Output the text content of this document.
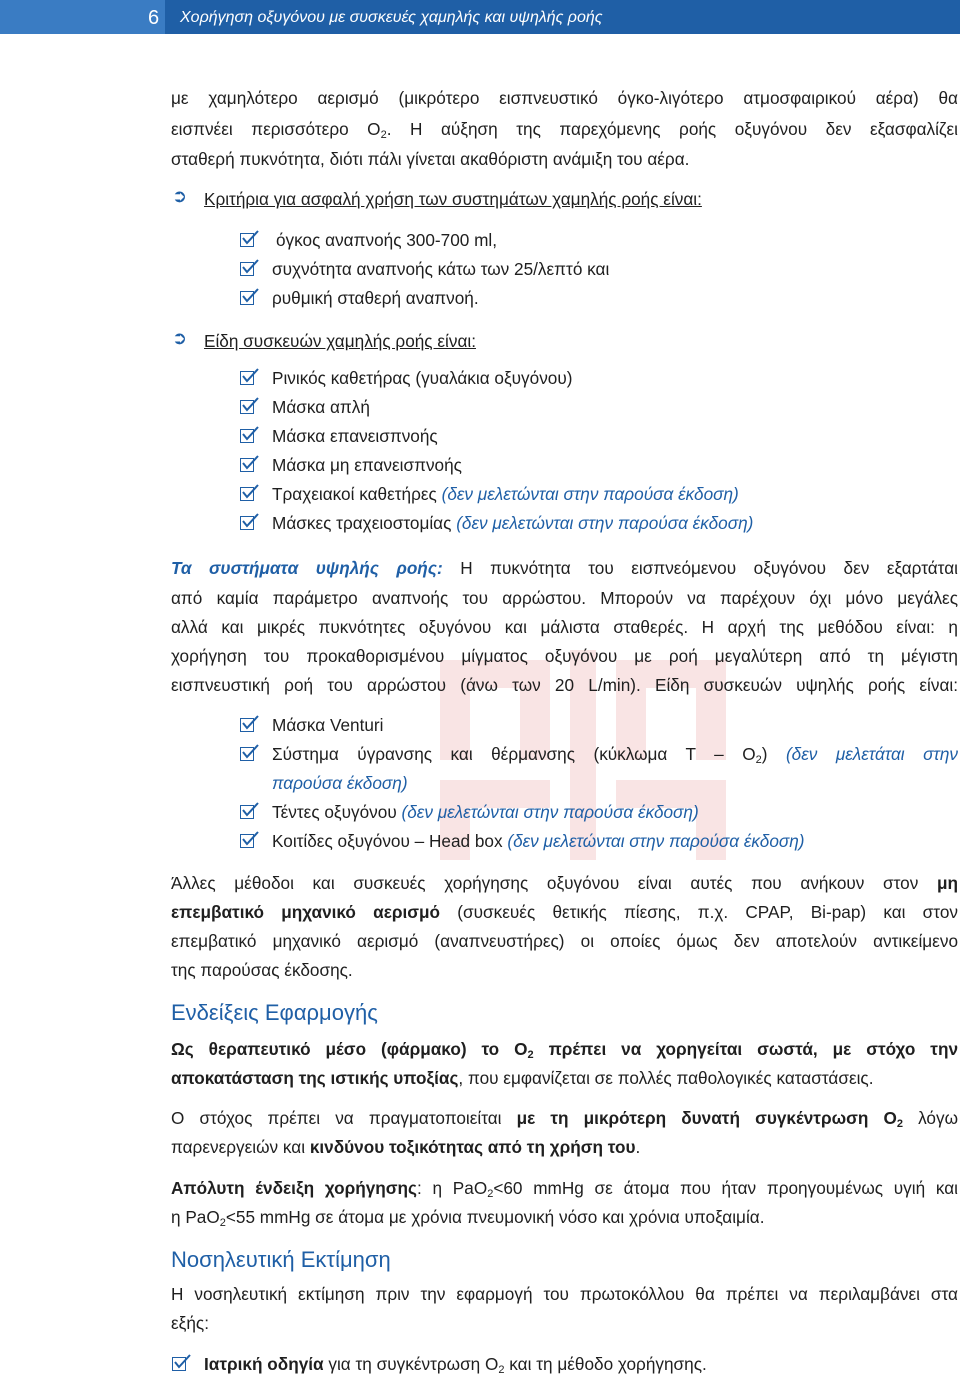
6 Χορήγηση οξυγόνου με συσκευές χαμηλής και υψηλής ροής
με χαμηλότερο αερισμό (μικρότερο εισπνευστικό όγκο-λιγότερο ατμοσφαιρικού αέρα) θα
εισπνέει περισσότερο $O_2$. Η αύξηση της παρεχόμενης ροής οξυγόνου δεν εξασφαλίζει
σταθερή πυκνότητα, διότι πάλι γίνεται ακαθόριστη ανάμιξη του αέρα.
➲ Κριτήρια για ασφαλή χρήση των συστημάτων χαμηλής ροής είναι:
όγκος αναπνοής 300-700 ml,
συχνότητα αναπνοής κάτω των 25/λεπτό και
ρυθμική σταθερή αναπνοή.
➲ Είδη συσκευών χαμηλής ροής είναι:
Ρινικός καθετήρας (γυαλάκια οξυγόνου)
Μάσκα απλή
Μάσκα επανεισπνοής
Μάσκα μη επανεισπνοής
Τραχειακοί καθετήρες (δεν μελετώνται στην παρούσα έκδοση)
Μάσκες τραχειοστομίας (δεν μελετώνται στην παρούσα έκδοση)
Τα συστήματα υψηλής ροής: Η πυκνότητα του εισπνεόμενου οξυγόνου δεν εξαρτάται
από καμία παράμετρο αναπνοής του αρρώστου. Μπορούν να παρέχουν όχι μόνο μεγάλες
αλλά και μικρές πυκνότητες οξυγόνου και μάλιστα σταθερές. Η αρχή της μεθόδου είναι: η
χορήγηση του προκαθορισμένου μίγματος οξυγόνου με ροή μεγαλύτερη από τη μέγιστη
εισπνευστική ροή του αρρώστου (άνω των 20 L/min). Είδη συσκευών υψηλής ροής είναι:
Μάσκα Venturi
Σύστημα ύγρανσης και θέρμανσης (κύκλωμα Τ – $O_2$) (δεν μελετάται στην
παρούσα έκδοση)
Τέντες οξυγόνου (δεν μελετώνται στην παρούσα έκδοση)
Κοιτίδες οξυγόνου – Head box (δεν μελετώνται στην παρούσα έκδοση)
Άλλες μέθοδοι και συσκευές χορήγησης οξυγόνου είναι αυτές που ανήκουν στον μη
επεμβατικό μηχανικό αερισμό (συσκευές θετικής πίεσης, π.χ. CPAP, Bi-pap) και στον
επεμβατικό μηχανικό αερισμό (αναπνευστήρες) οι οποίες όμως δεν αποτελούν αντικείμενο
της παρούσας έκδοσης.
Ενδείξεις Εφαρμογής
Ως θεραπευτικό μέσο (φάρμακο) το $O_2$ πρέπει να χορηγείται σωστά, με στόχο την
αποκατάσταση της ιστικής υποξίας, που εμφανίζεται σε πολλές παθολογικές καταστάσεις.
Ο στόχος πρέπει να πραγματοποιείται με τη μικρότερη δυνατή συγκέντρωση $O_2$ λόγω
παρενεργειών και κινδύνου τοξικότητας από τη χρήση του.
Απόλυτη ένδειξη χορήγησης: η PaO$_2$<60 mmHg σε άτομα που ήταν προηγουμένως υγιή και
η PaO$_2$<55 mmHg σε άτομα με χρόνια πνευμονική νόσο και χρόνια υποξαιμία.
Νοσηλευτική Εκτίμηση
Η νοσηλευτική εκτίμηση πριν την εφαρμογή του πρωτοκόλλου θα πρέπει να περιλαμβάνει στα
εξής:
Ιατρική οδηγία για τη συγκέντρωση $O_2$ και τη μέθοδο χορήγησης.
